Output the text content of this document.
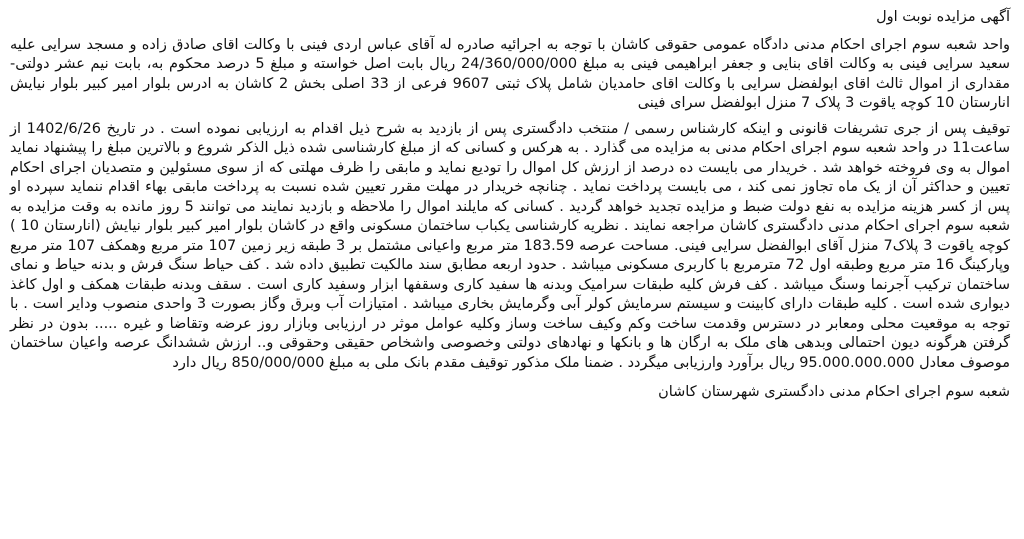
آگهی مزایده نوبت اول
واحد شعبه سوم اجرای احکام مدنی دادگاه عمومی حقوقی کاشان با توجه به اجرائیه صادره له آقای عباس اردی فینی با وکالت اقای صادق زاده و مسجد سرایی علیه سعید سرایی فینی به وکالت اقای بنایی و جعفر ابراهیمی فینی به مبلغ 24/360/000/000 ریال بابت اصل خواسته و مبلغ 5 درصد محکوم به، بابت نیم عشر دولتی- مقداری از اموال ثالث اقای ابولفضل سرایی با وکالت اقای حامدیان شامل پلاک ثبتی 9607 فرعی از 33 اصلی بخش 2 کاشان به ادرس بلوار امیر کبیر بلوار نیایش انارستان 10 کوچه یاقوت 3 پلاک 7 منزل ابولفضل سرای فینی
توقیف پس از جری تشریفات قانونی و اینکه کارشناس رسمی / منتخب دادگستری پس از بازدید به شرح ذیل اقدام به ارزیابی نموده است . در تاریخ 1402/6/26 از ساعت11 در واحد شعبه سوم اجرای احکام مدنی به مزایده می گذارد . به هرکس و کسانی که از مبلغ کارشناسی شده ذیل الذکر شروع و بالاترین مبلغ را پیشنهاد نماید اموال به وی فروخته خواهد شد . خریدار می بایست ده درصد از ارزش کل اموال را تودیع نماید و مابقی را ظرف مهلتی که از سوی مسئولین و متصدیان اجرای احکام تعیین و حداکثر آن از یک ماه تجاوز نمی کند ، می بایست پرداخت نماید . چنانچه خریدار در مهلت مقرر تعیین شده نسبت به پرداخت مابقی بهاء اقدام ننماید سپرده او پس از کسر هزینه مزایده به نفع دولت ضبط و مزایده تجدید خواهد گردید . کسانی که مایلند اموال را ملاحظه و بازدید نمایند می توانند 5 روز مانده به وقت مزایده به شعبه سوم اجرای احکام مدنی دادگستری کاشان مراجعه نمایند . نظریه کارشناسی یکباب ساختمان مسکونی واقع در کاشان بلوار امیر کبیر بلوار نیایش (انارستان 10 ) کوچه یاقوت 3 پلاک7 منزل آقای ابوالفضل سرایی فینی. مساحت عرصه 183.59 متر مربع واعیانی مشتمل بر 3 طبقه زیر زمین 107 متر مربع وهمکف 107 متر مربع وپارکینگ 16 متر مربع وطبقه اول 72 مترمربع با کاربری مسکونی میباشد . حدود اربعه مطابق سند مالکیت تطبیق داده شد . کف حیاط سنگ فرش و بدنه حیاط و نمای ساختمان ترکیب آجرنما وسنگ میباشد . کف فرش کلیه طبقات سرامیک وبدنه ها سفید کاری وسقفها ابزار وسفید کاری است . سقف وبدنه طبقات همکف و اول کاغذ دیواری شده است . کلیه طبقات دارای کابینت و سیستم سرمایش کولر آبی وگرمایش بخاری میباشد . امتیازات آب وبرق وگاز بصورت 3 واحدی منصوب ودایر است . با توجه به موقعیت محلی ومعابر در دسترس وقدمت ساخت وکم وکیف ساخت وساز وکلیه عوامل موثر در ارزیابی وبازار روز عرضه وتقاضا و غیره ..... بدون در نظر گرفتن هرگونه دیون احتمالی وبدهی های ملک به ارگان ها و بانکها و نهادهای دولتی وخصوصی واشخاص حقیقی وحقوقی و.. ارزش ششدانگ عرصه واعیان ساختمان موصوف معادل 95.000.000.000 ریال برآورد وارزیابی میگردد . ضمنا ملک مذکور توقیف مقدم بانک ملی به مبلغ 850/000/000 ریال دارد
شعبه سوم اجرای احکام مدنی دادگستری شهرستان کاشان
